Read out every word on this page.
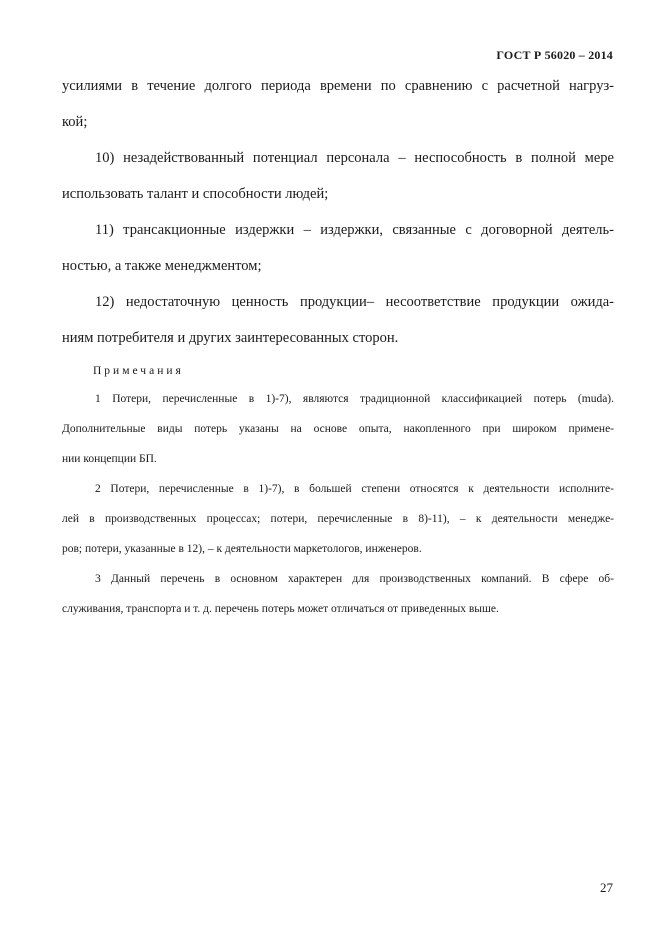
ГОСТ Р 56020 – 2014
усилиями в течение долгого периода времени по сравнению с расчетной нагруз-
кой;
10) незадействованный потенциал персонала – неспособность в полной мере
использовать талант и способности людей;
11) трансакционные издержки – издержки, связанные с договорной деятель-
ностью, а также менеджментом;
12) недостаточную ценность продукции– несоответствие продукции ожида-
ниям потребителя и других заинтересованных сторон.
Примечания
1 Потери, перечисленные в 1)-7), являются традиционной классификацией потерь (muda).
Дополнительные виды потерь указаны на основе опыта, накопленного при широком примене-
нии концепции БП.
2 Потери, перечисленные в 1)-7), в большей степени относятся к деятельности исполните-
лей в производственных процессах; потери, перечисленные в 8)-11), – к деятельности менедже-
ров; потери, указанные в 12), – к деятельности маркетологов, инженеров.
3 Данный перечень в основном характерен для производственных компаний. В сфере об-
служивания, транспорта и т. д. перечень потерь может отличаться от приведенных выше.
27
